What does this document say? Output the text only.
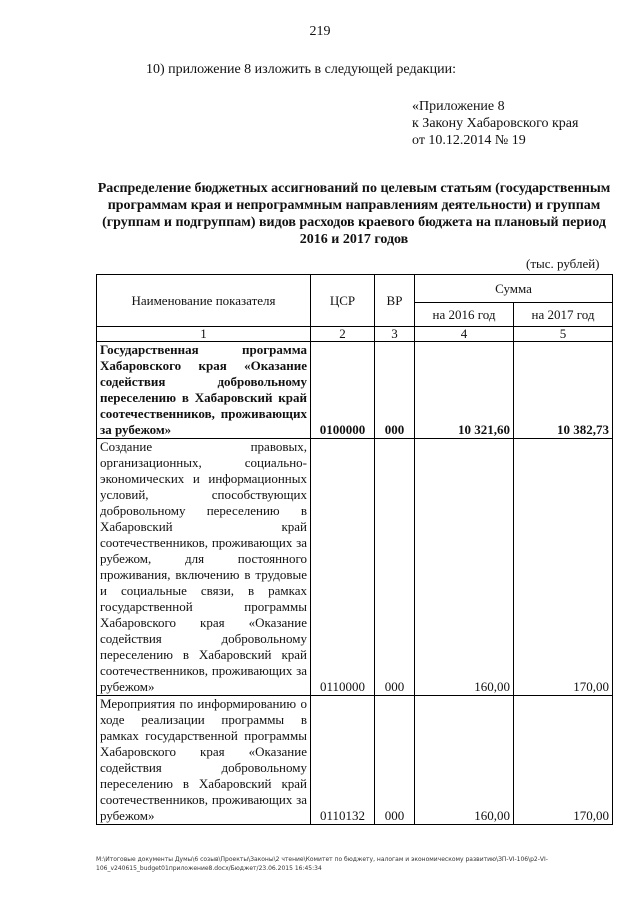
219
10) приложение 8 изложить в следующей редакции:
«Приложение 8
к Закону Хабаровского края
от 10.12.2014 № 19
Распределение бюджетных ассигнований по целевым статьям (государственным программам края и непрограммным направлениям деятельности) и группам (группам и подгруппам) видов расходов краевого бюджета на плановый период 2016 и 2017 годов
(тыс. рублей)
Наименование показателя	ЦСР	ВР	Сумма	
			на 2016 год	на 2017 год
1	2	3	4	5
Государственная программа Хабаровского края «Оказание содействия добровольному переселению в Хабаровский край соотечественников, проживающих за рубежом»	0100000	000	10 321,60	10 382,73
Создание правовых, организационных, социально-экономических и информационных условий, способствующих добровольному переселению в Хабаровский край соотечественников, проживающих за рубежом, для постоянного проживания, включению в трудовые и социальные связи, в рамках государственной программы Хабаровского края «Оказание содействия добровольному переселению в Хабаровский край соотечественников, проживающих за рубежом»	0110000	000	160,00	170,00
Мероприятия по информированию о ходе реализации программы в рамках государственной программы Хабаровского края «Оказание содействия добровольному переселению в Хабаровский край соотечественников, проживающих за рубежом»	0110132	000	160,00	170,00
М:\Итоговые документы Думы\6 созыв\Проекты\Законы\2 чтение\Комитет по бюджету, налогам и экономическому развитию\ЗП-VI-106\р2-VI-106_v240615_budget01приложение8.docx/Бюджет/23.06.2015 16:45:34
